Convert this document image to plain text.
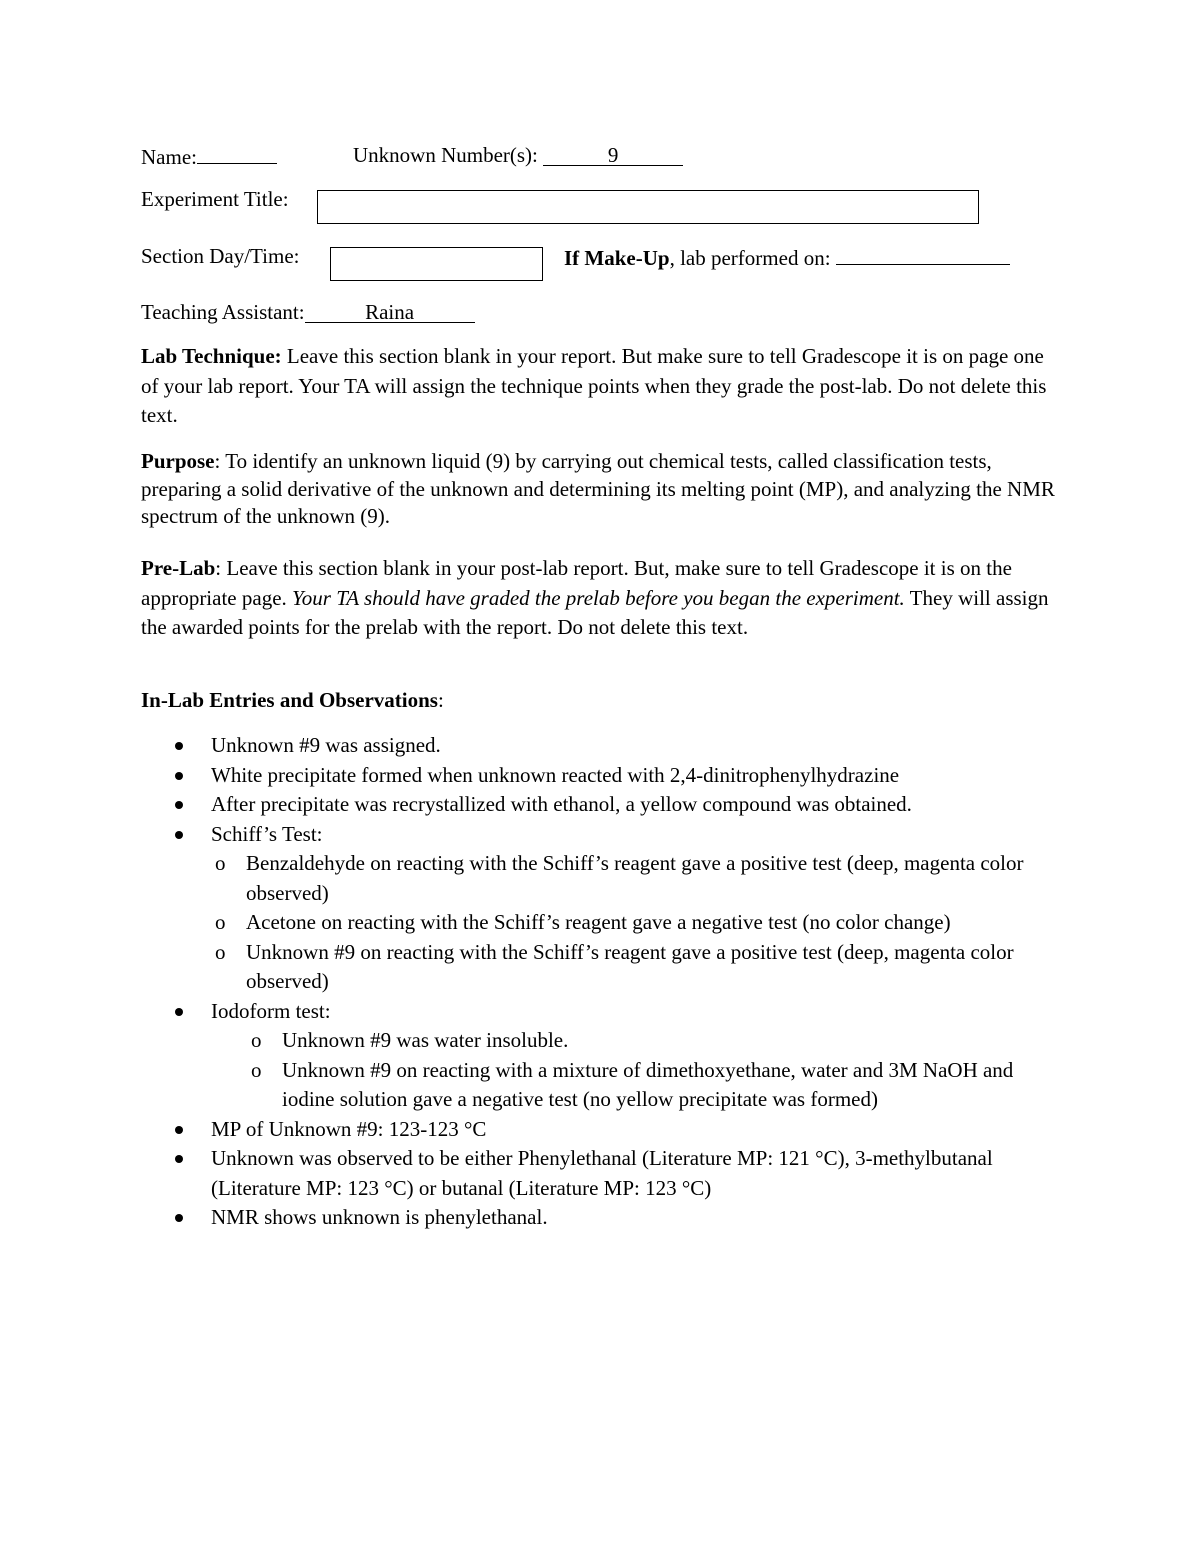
Name:	Unknown Number(s):	9
Experiment Title:
Section Day/Time:	If Make-Up, lab performed on:
Teaching Assistant:	Raina
Lab Technique: Leave this section blank in your report. But make sure to tell Gradescope it is on page one of your lab report. Your TA will assign the technique points when they grade the post-lab. Do not delete this text.
Purpose: To identify an unknown liquid (9) by carrying out chemical tests, called classification tests, preparing a solid derivative of the unknown and determining its melting point (MP), and analyzing the NMR spectrum of the unknown (9).
Pre-Lab: Leave this section blank in your post-lab report. But, make sure to tell Gradescope it is on the appropriate page. Your TA should have graded the prelab before you began the experiment. They will assign the awarded points for the prelab with the report. Do not delete this text.
In-Lab Entries and Observations:
Unknown #9 was assigned.
White precipitate formed when unknown reacted with 2,4-dinitrophenylhydrazine
After precipitate was recrystallized with ethanol, a yellow compound was obtained.
Schiff’s Test:
o Benzaldehyde on reacting with the Schiff’s reagent gave a positive test (deep, magenta color observed)
o Acetone on reacting with the Schiff’s reagent gave a negative test (no color change)
o Unknown #9 on reacting with the Schiff’s reagent gave a positive test (deep, magenta color observed)
Iodoform test:
o Unknown #9 was water insoluble.
o Unknown #9 on reacting with a mixture of dimethoxyethane, water and 3M NaOH and iodine solution gave a negative test (no yellow precipitate was formed)
MP of Unknown #9: 123-123 °C
Unknown was observed to be either Phenylethanal (Literature MP: 121 °C), 3-methylbutanal (Literature MP: 123 °C) or butanal (Literature MP: 123 °C)
NMR shows unknown is phenylethanal.
